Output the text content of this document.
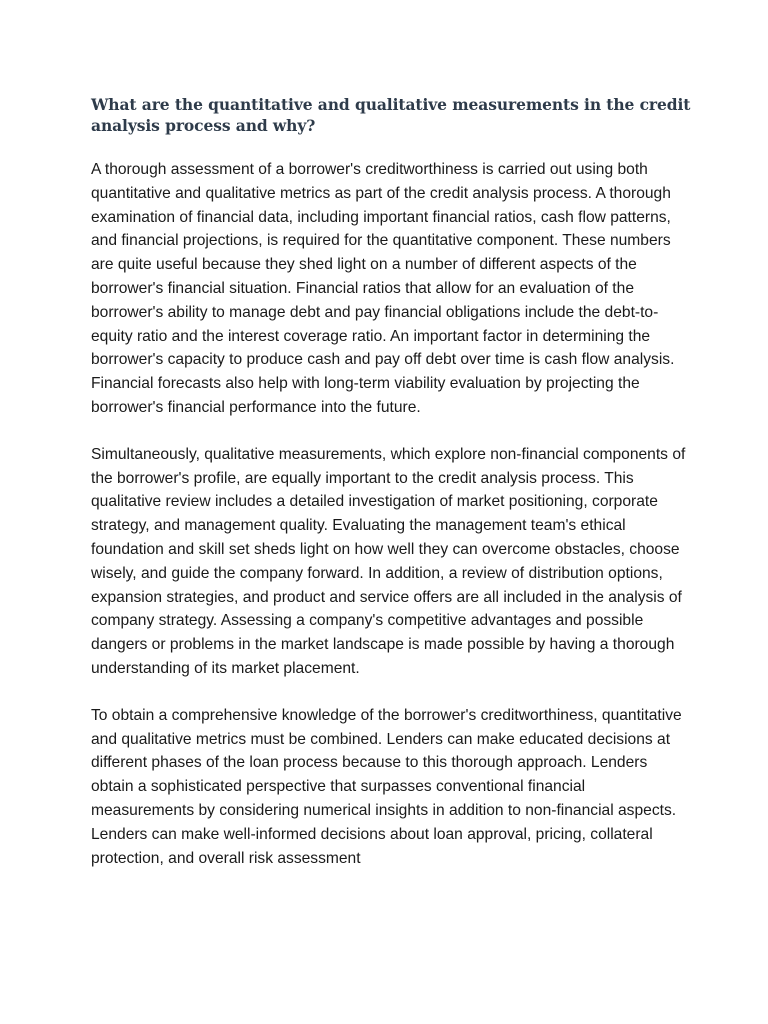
What are the quantitative and qualitative measurements in the credit analysis process and why?

A thorough assessment of a borrower's creditworthiness is carried out using both quantitative and qualitative metrics as part of the credit analysis process. A thorough examination of financial data, including important financial ratios, cash flow patterns, and financial projections, is required for the quantitative component. These numbers are quite useful because they shed light on a number of different aspects of the borrower's financial situation. Financial ratios that allow for an evaluation of the borrower's ability to manage debt and pay financial obligations include the debt-to-equity ratio and the interest coverage ratio. An important factor in determining the borrower's capacity to produce cash and pay off debt over time is cash flow analysis. Financial forecasts also help with long-term viability evaluation by projecting the borrower's financial performance into the future.

Simultaneously, qualitative measurements, which explore non-financial components of the borrower's profile, are equally important to the credit analysis process. This qualitative review includes a detailed investigation of market positioning, corporate strategy, and management quality. Evaluating the management team's ethical foundation and skill set sheds light on how well they can overcome obstacles, choose wisely, and guide the company forward. In addition, a review of distribution options, expansion strategies, and product and service offers are all included in the analysis of company strategy. Assessing a company's competitive advantages and possible dangers or problems in the market landscape is made possible by having a thorough understanding of its market placement.

To obtain a comprehensive knowledge of the borrower's creditworthiness, quantitative and qualitative metrics must be combined. Lenders can make educated decisions at different phases of the loan process because to this thorough approach. Lenders obtain a sophisticated perspective that surpasses conventional financial measurements by considering numerical insights in addition to non-financial aspects. Lenders can make well-informed decisions about loan approval, pricing, collateral protection, and overall risk assessment
